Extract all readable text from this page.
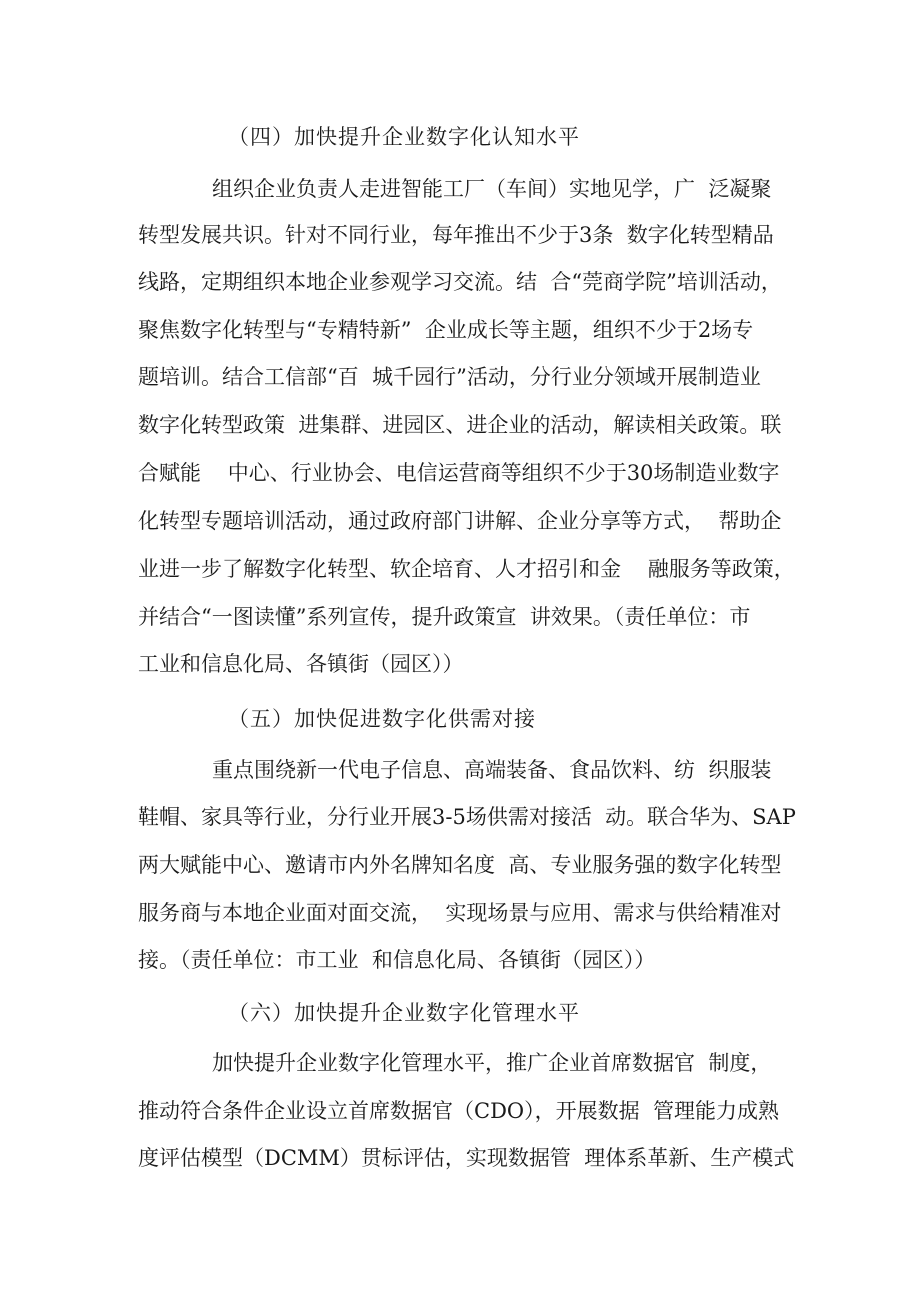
（四）加快提升企业数字化认知水平

组织企业负责人走进智能工厂（车间）实地见学，广  泛凝聚

转型发展共识。针对不同行业，每年推出不少于3条  数字化转型精品

线路，定期组织本地企业参观学习交流。结  合“莞商学院”培训活动，

聚焦数字化转型与“专精特新”  企业成长等主题，组织不少于2场专

题培训。结合工信部“百  城千园行”活动，分行业分领域开展制造业

数字化转型政策  进集群、进园区、进企业的活动，解读相关政策。联

合赋能    中心、行业协会、电信运营商等组织不少于30场制造业数字

化转型专题培训活动，通过政府部门讲解、企业分享等方式，  帮助企

业进一步了解数字化转型、软企培育、人才招引和金    融服务等政策，

并结合“一图读懂”系列宣传，提升政策宣  讲效果。（责任单位：市

工业和信息化局、各镇街（园区））

（五）加快促进数字化供需对接

重点围绕新一代电子信息、高端装备、食品饮料、纺  织服装

鞋帽、家具等行业，分行业开展3-5场供需对接活  动。联合华为、SAP

两大赋能中心、邀请市内外名牌知名度  高、专业服务强的数字化转型

服务商与本地企业面对面交流，  实现场景与应用、需求与供给精准对

接。（责任单位：市工业  和信息化局、各镇街（园区））

（六）加快提升企业数字化管理水平

加快提升企业数字化管理水平，推广企业首席数据官  制度，

推动符合条件企业设立首席数据官（CDO），开展数据  管理能力成熟

度评估模型（DCMM）贯标评估，实现数据管  理体系革新、生产模式
